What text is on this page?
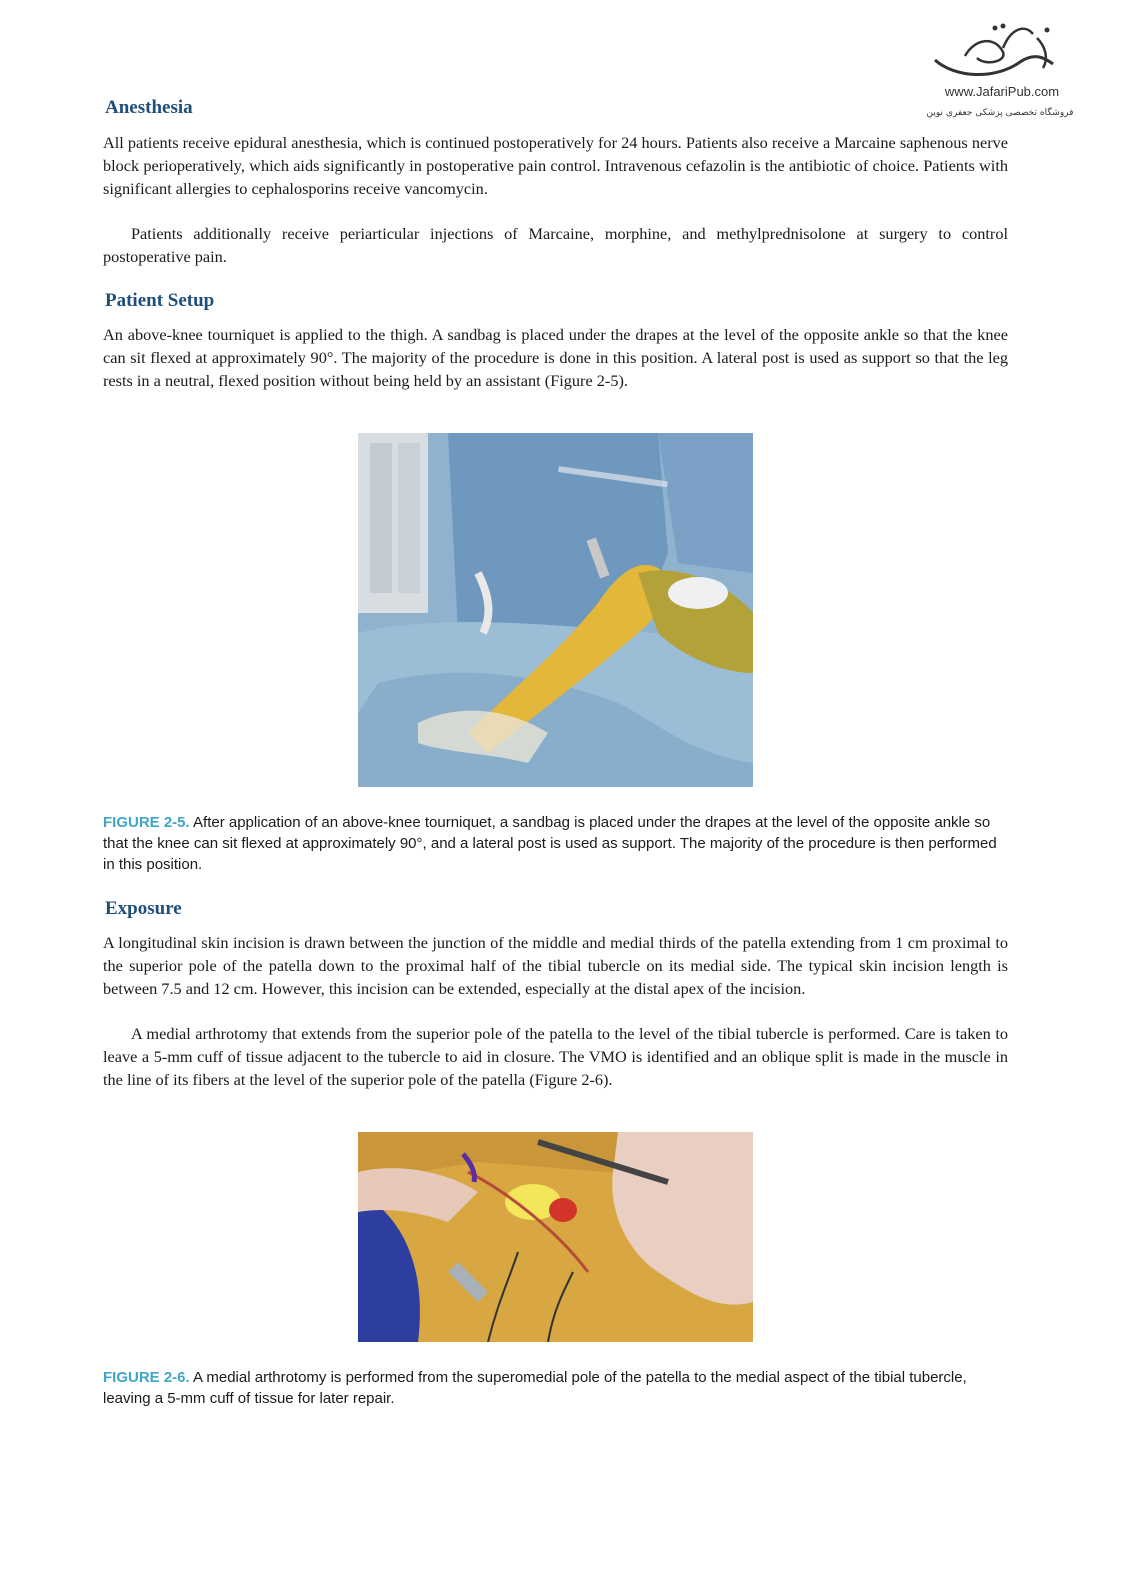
www.JafariPub.com
فروشگاه تخصصی پزشکی جعفری نوین
Anesthesia

All patients receive epidural anesthesia, which is continued postoperatively for 24 hours. Patients also receive a Marcaine saphenous nerve block perioperatively, which aids significantly in postoperative pain control. Intravenous cefazolin is the antibiotic of choice. Patients with significant allergies to cephalosporins receive vancomycin.

Patients additionally receive periarticular injections of Marcaine, morphine, and methylprednisolone at surgery to control postoperative pain.

Patient Setup

An above-knee tourniquet is applied to the thigh. A sandbag is placed under the drapes at the level of the opposite ankle so that the knee can sit flexed at approximately 90°. The majority of the procedure is done in this position. A lateral post is used as support so that the leg rests in a neutral, flexed position without being held by an assistant (Figure 2-5).

FIGURE 2-5. After application of an above-knee tourniquet, a sandbag is placed under the drapes at the level of the opposite ankle so that the knee can sit flexed at approximately 90°, and a lateral post is used as support. The majority of the procedure is then performed in this position.

Exposure

A longitudinal skin incision is drawn between the junction of the middle and medial thirds of the patella extending from 1 cm proximal to the superior pole of the patella down to the proximal half of the tibial tubercle on its medial side. The typical skin incision length is between 7.5 and 12 cm. However, this incision can be extended, especially at the distal apex of the incision.

A medial arthrotomy that extends from the superior pole of the patella to the level of the tibial tubercle is performed. Care is taken to leave a 5-mm cuff of tissue adjacent to the tubercle to aid in closure. The VMO is identified and an oblique split is made in the muscle in the line of its fibers at the level of the superior pole of the patella (Figure 2-6).

FIGURE 2-6. A medial arthrotomy is performed from the superomedial pole of the patella to the medial aspect of the tibial tubercle, leaving a 5-mm cuff of tissue for later repair.
